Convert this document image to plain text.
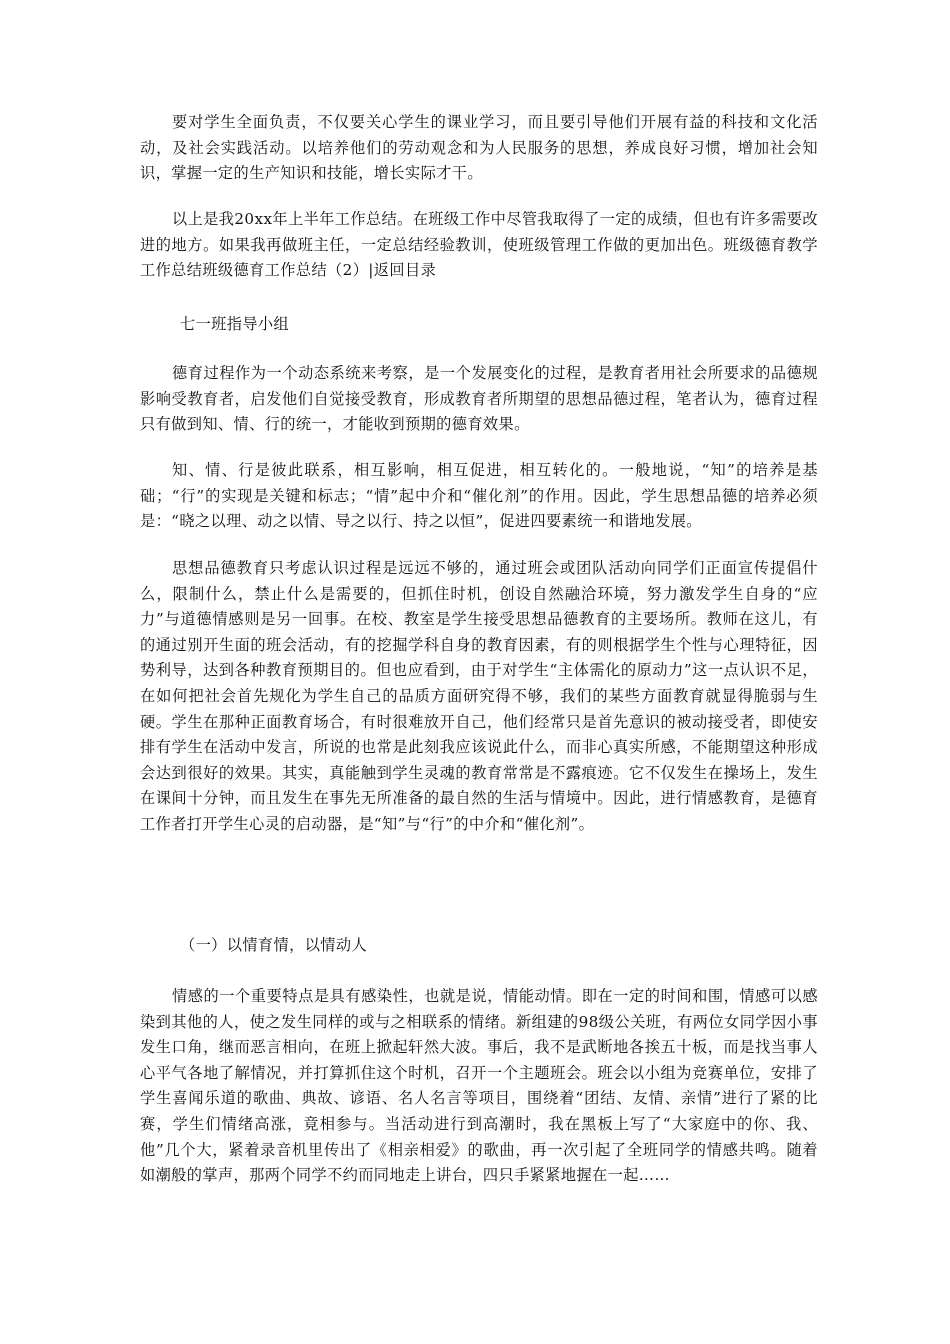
要对学生全面负责，不仅要关心学生的课业学习，而且要引导他们开展有益的科技和文化活动，及社会实践活动。以培养他们的劳动观念和为人民服务的思想，养成良好习惯，增加社会知识，掌握一定的生产知识和技能，增长实际才干。

以上是我20xx年上半年工作总结。在班级工作中尽管我取得了一定的成绩，但也有许多需要改进的地方。如果我再做班主任，一定总结经验教训，使班级管理工作做的更加出色。班级德育教学工作总结班级德育工作总结（2）|返回目录

七一班指导小组

德育过程作为一个动态系统来考察，是一个发展变化的过程，是教育者用社会所要求的品德规影响受教育者，启发他们自觉接受教育，形成教育者所期望的思想品德过程，笔者认为，德育过程只有做到知、情、行的统一，才能收到预期的德育效果。

知、情、行是彼此联系，相互影响，相互促进，相互转化的。一般地说，“知”的培养是基础；“行”的实现是关键和标志；“情”起中介和“催化剂”的作用。因此，学生思想品德的培养必须是：“晓之以理、动之以情、导之以行、持之以恒”，促进四要素统一和谐地发展。

思想品德教育只考虑认识过程是远远不够的，通过班会或团队活动向同学们正面宣传提倡什么，限制什么，禁止什么是需要的，但抓住时机，创设自然融洽环境，努力激发学生自身的“应力”与道德情感则是另一回事。在校、教室是学生接受思想品德教育的主要场所。教师在这儿，有的通过别开生面的班会活动，有的挖掘学科自身的教育因素，有的则根据学生个性与心理特征，因势利导，达到各种教育预期目的。但也应看到，由于对学生“主体需化的原动力”这一点认识不足，在如何把社会首先规化为学生自己的品质方面研究得不够，我们的某些方面教育就显得脆弱与生硬。学生在那种正面教育场合，有时很难放开自己，他们经常只是首先意识的被动接受者，即使安排有学生在活动中发言，所说的也常是此刻我应该说此什么，而非心真实所感，不能期望这种形成会达到很好的效果。其实，真能触到学生灵魂的教育常常是不露痕迹。它不仅发生在操场上，发生在课间十分钟，而且发生在事先无所准备的最自然的生活与情境中。因此，进行情感教育，是德育工作者打开学生心灵的启动器，是“知”与“行”的中介和“催化剂”。

（一）以情育情，以情动人

情感的一个重要特点是具有感染性，也就是说，情能动情。即在一定的时间和围，情感可以感染到其他的人，使之发生同样的或与之相联系的情绪。新组建的98级公关班，有两位女同学因小事发生口角，继而恶言相向，在班上掀起轩然大波。事后，我不是武断地各挨五十板，而是找当事人心平气各地了解情况，并打算抓住这个时机，召开一个主题班会。班会以小组为竞赛单位，安排了学生喜闻乐道的歌曲、典故、谚语、名人名言等项目，围绕着“团结、友情、亲情”进行了紧的比赛，学生们情绪高涨，竟相参与。当活动进行到高潮时，我在黑板上写了“大家庭中的你、我、他”几个大，紧着录音机里传出了《相亲相爱》的歌曲，再一次引起了全班同学的情感共鸣。随着如潮般的掌声，那两个同学不约而同地走上讲台，四只手紧紧地握在一起……
